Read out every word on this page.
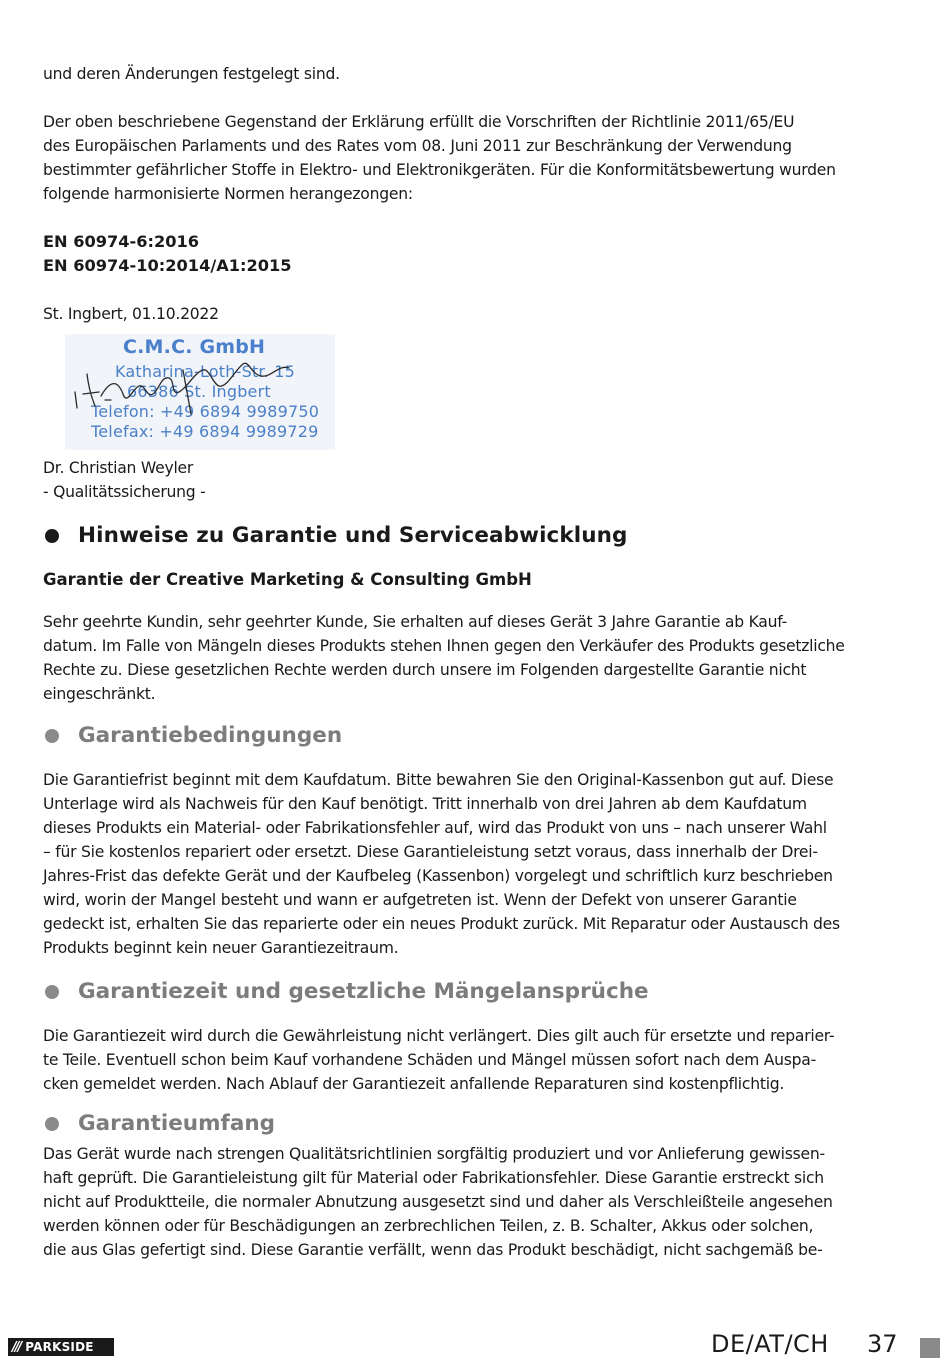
und deren Änderungen festgelegt sind.

Der oben beschriebene Gegenstand der Erklärung erfüllt die Vorschriften der Richtlinie 2011/65/EU

des Europäischen Parlaments und des Rates vom 08. Juni 2011 zur Beschränkung der Verwendung

bestimmter gefährlicher Stoffe in Elektro- und Elektronikgeräten. Für die Konformitätsbewertung wurden

folgende harmonisierte Normen herangezongen:

EN 60974-6:2016

EN 60974-10:2014/A1:2015

St. Ingbert, 01.10.2022

C.M.C. GmbH
Katharina-Loth-Str. 15
66386 St. Ingbert
Telefon: +49 6894 9989750
Telefax: +49 6894 9989729

Dr. Christian Weyler

- Qualitätssicherung -

Hinweise zu Garantie und Serviceabwicklung
Garantie der Creative Marketing & Consulting GmbH

Sehr geehrte Kundin, sehr geehrter Kunde, Sie erhalten auf dieses Gerät 3 Jahre Garantie ab Kauf-

datum. Im Falle von Mängeln dieses Produkts stehen Ihnen gegen den Verkäufer des Produkts gesetzliche

Rechte zu. Diese gesetzlichen Rechte werden durch unsere im Folgenden dargestellte Garantie nicht

eingeschränkt.

Garantiebedingungen

Die Garantiefrist beginnt mit dem Kaufdatum. Bitte bewahren Sie den Original-Kassenbon gut auf. Diese

Unterlage wird als Nachweis für den Kauf benötigt. Tritt innerhalb von drei Jahren ab dem Kaufdatum

dieses Produkts ein Material- oder Fabrikationsfehler auf, wird das Produkt von uns – nach unserer Wahl

– für Sie kostenlos repariert oder ersetzt. Diese Garantieleistung setzt voraus, dass innerhalb der Drei-

Jahres-Frist das defekte Gerät und der Kaufbeleg (Kassenbon) vorgelegt und schriftlich kurz beschrieben

wird, worin der Mangel besteht und wann er aufgetreten ist. Wenn der Defekt von unserer Garantie

gedeckt ist, erhalten Sie das reparierte oder ein neues Produkt zurück. Mit Reparatur oder Austausch des

Produkts beginnt kein neuer Garantiezeitraum.

Garantiezeit und gesetzliche Mängelansprüche

Die Garantiezeit wird durch die Gewährleistung nicht verlängert. Dies gilt auch für ersetzte und reparier-

te Teile. Eventuell schon beim Kauf vorhandene Schäden und Mängel müssen sofort nach dem Auspa-

cken gemeldet werden. Nach Ablauf der Garantiezeit anfallende Reparaturen sind kostenpflichtig.

Garantieumfang

Das Gerät wurde nach strengen Qualitätsrichtlinien sorgfältig produziert und vor Anlieferung gewissen-

haft geprüft. Die Garantieleistung gilt für Material oder Fabrikationsfehler. Diese Garantie erstreckt sich

nicht auf Produktteile, die normaler Abnutzung ausgesetzt sind und daher als Verschleißteile angesehen

werden können oder für Beschädigungen an zerbrechlichen Teilen, z. B. Schalter, Akkus oder solchen,

die aus Glas gefertigt sind. Diese Garantie verfällt, wenn das Produkt beschädigt, nicht sachgemäß be-

/// PARKSIDE	DE/AT/CH 37
